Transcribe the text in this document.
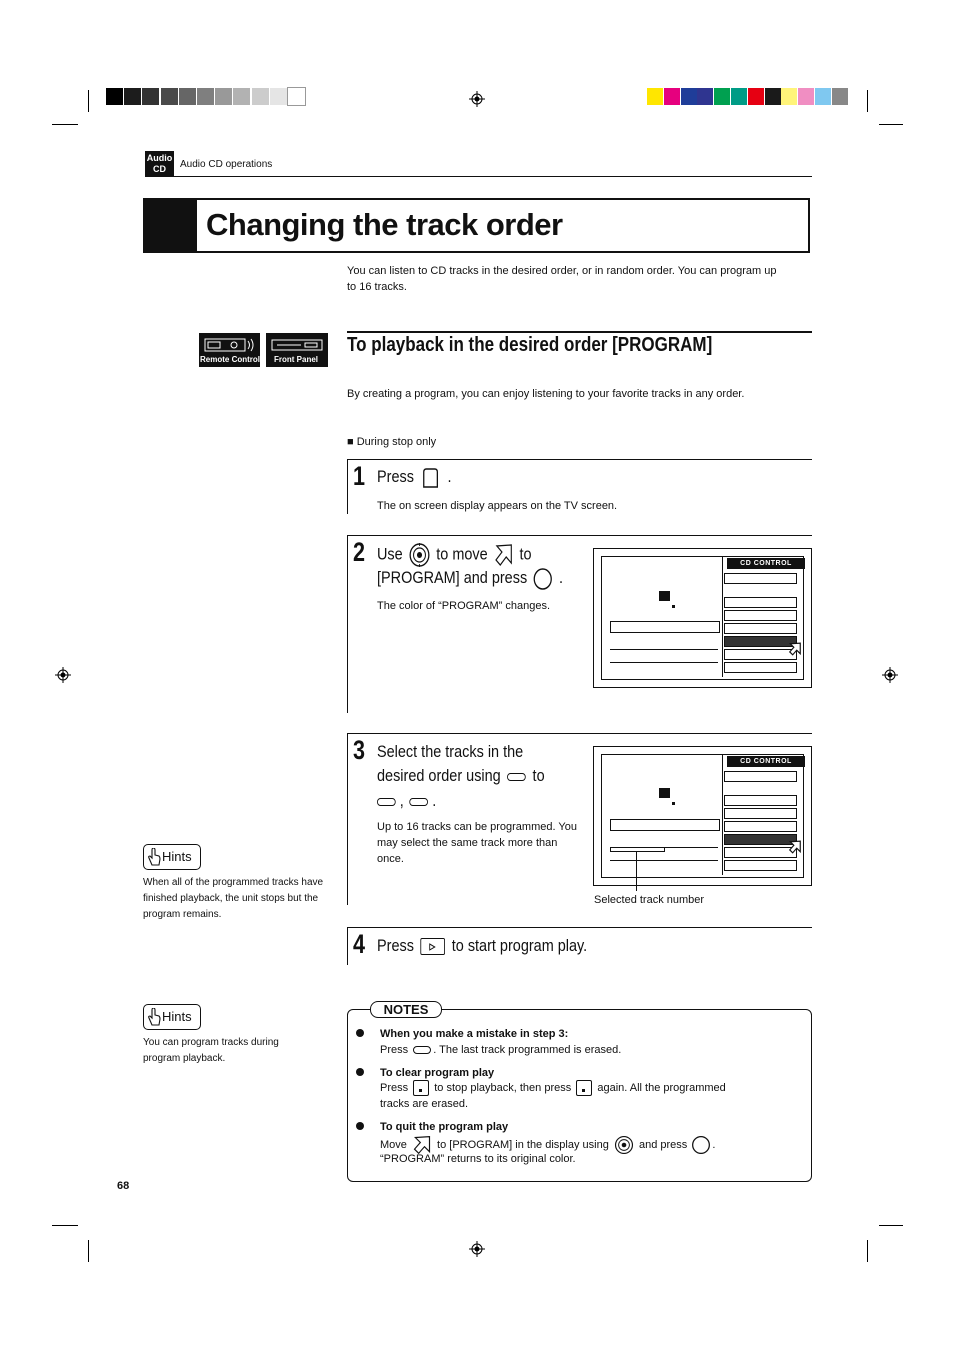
Audio
CD	Audio CD operations
Changing the track order
You can listen to CD tracks in the desired order, or in random order. You can program up to 16 tracks.
Remote Control Front Panel
To playback in the desired order [PROGRAM]
By creating a program, you can enjoy listening to your favorite tracks in any order.
■ During stop only
1 Press .
The on screen display appears on the TV screen.
2 Use to move to
[PROGRAM] and press .
The color of “PROGRAM” changes.
CD CONTROL
3 Select the tracks in the
desired order using to
, .
Up to 16 tracks can be programmed. You may select the same track more than once.
CD CONTROL
Selected track number
4 Press to start program play.
Hints
When all of the programmed tracks have finished playback, the unit stops but the program remains.
Hints
You can program tracks during program playback.
NOTES
When you make a mistake in step 3:
Press . The last track programmed is erased.
To clear program play
Press to stop playback, then press again. All the programmed
tracks are erased.
To quit the program play
Move	to [PROGRAM] in the display using	and press .
“PROGRAM” returns to its original color.
68
